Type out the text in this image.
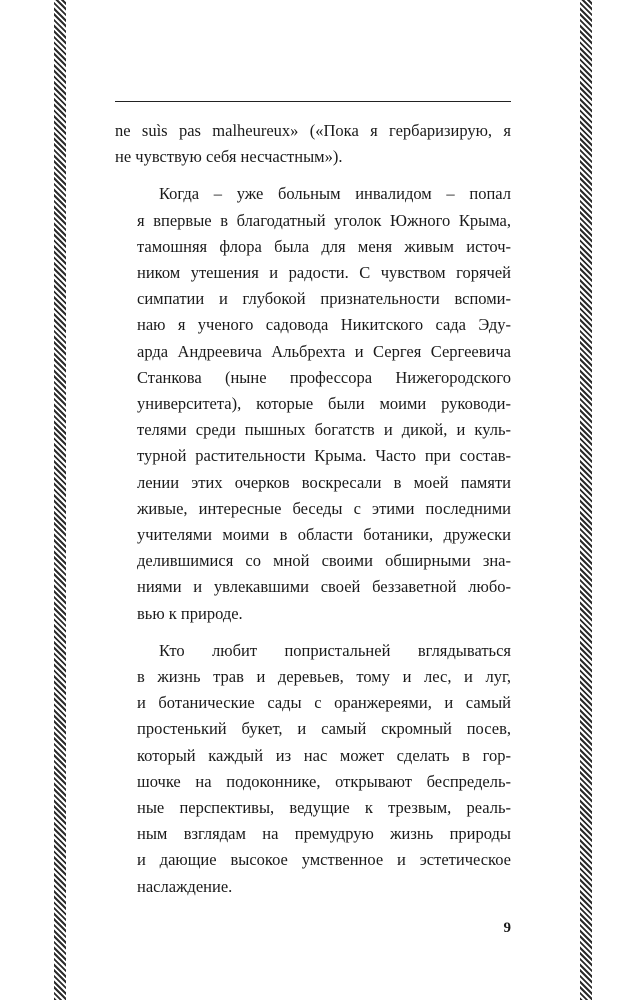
ne suìs pas malheureux» («Пока я гербаризирую, я
не чувствую себя несчастным»).

Когда – уже больным инвалидом – попал
я впервые в благодатный уголок Южного Крыма,
тамошняя флора была для меня живым источ-
ником утешения и радости. С чувством горячей
симпатии и глубокой признательности вспоми-
наю я ученого садовода Никитского сада Эду-
арда Андреевича Альбрехта и Сергея Сергеевича
Станкова (ныне профессора Нижегородского
университета), которые были моими руководи-
телями среди пышных богатств и дикой, и куль-
турной растительности Крыма. Часто при состав-
лении этих очерков воскресали в моей памяти
живые, интересные беседы с этими последними
учителями моими в области ботаники, дружески
делившимися со мной своими обширными зна-
ниями и увлекавшими своей беззаветной любо-
вью к природе.

Кто любит попристальней вглядываться
в жизнь трав и деревьев, тому и лес, и луг,
и ботанические сады с оранжереями, и самый
простенький букет, и самый скромный посев,
который каждый из нас может сделать в гор-
шочке на подоконнике, открывают беспредель-
ные перспективы, ведущие к трезвым, реаль-
ным взглядам на премудрую жизнь природы
и дающие высокое умственное и эстетическое
наслаждение.

9
